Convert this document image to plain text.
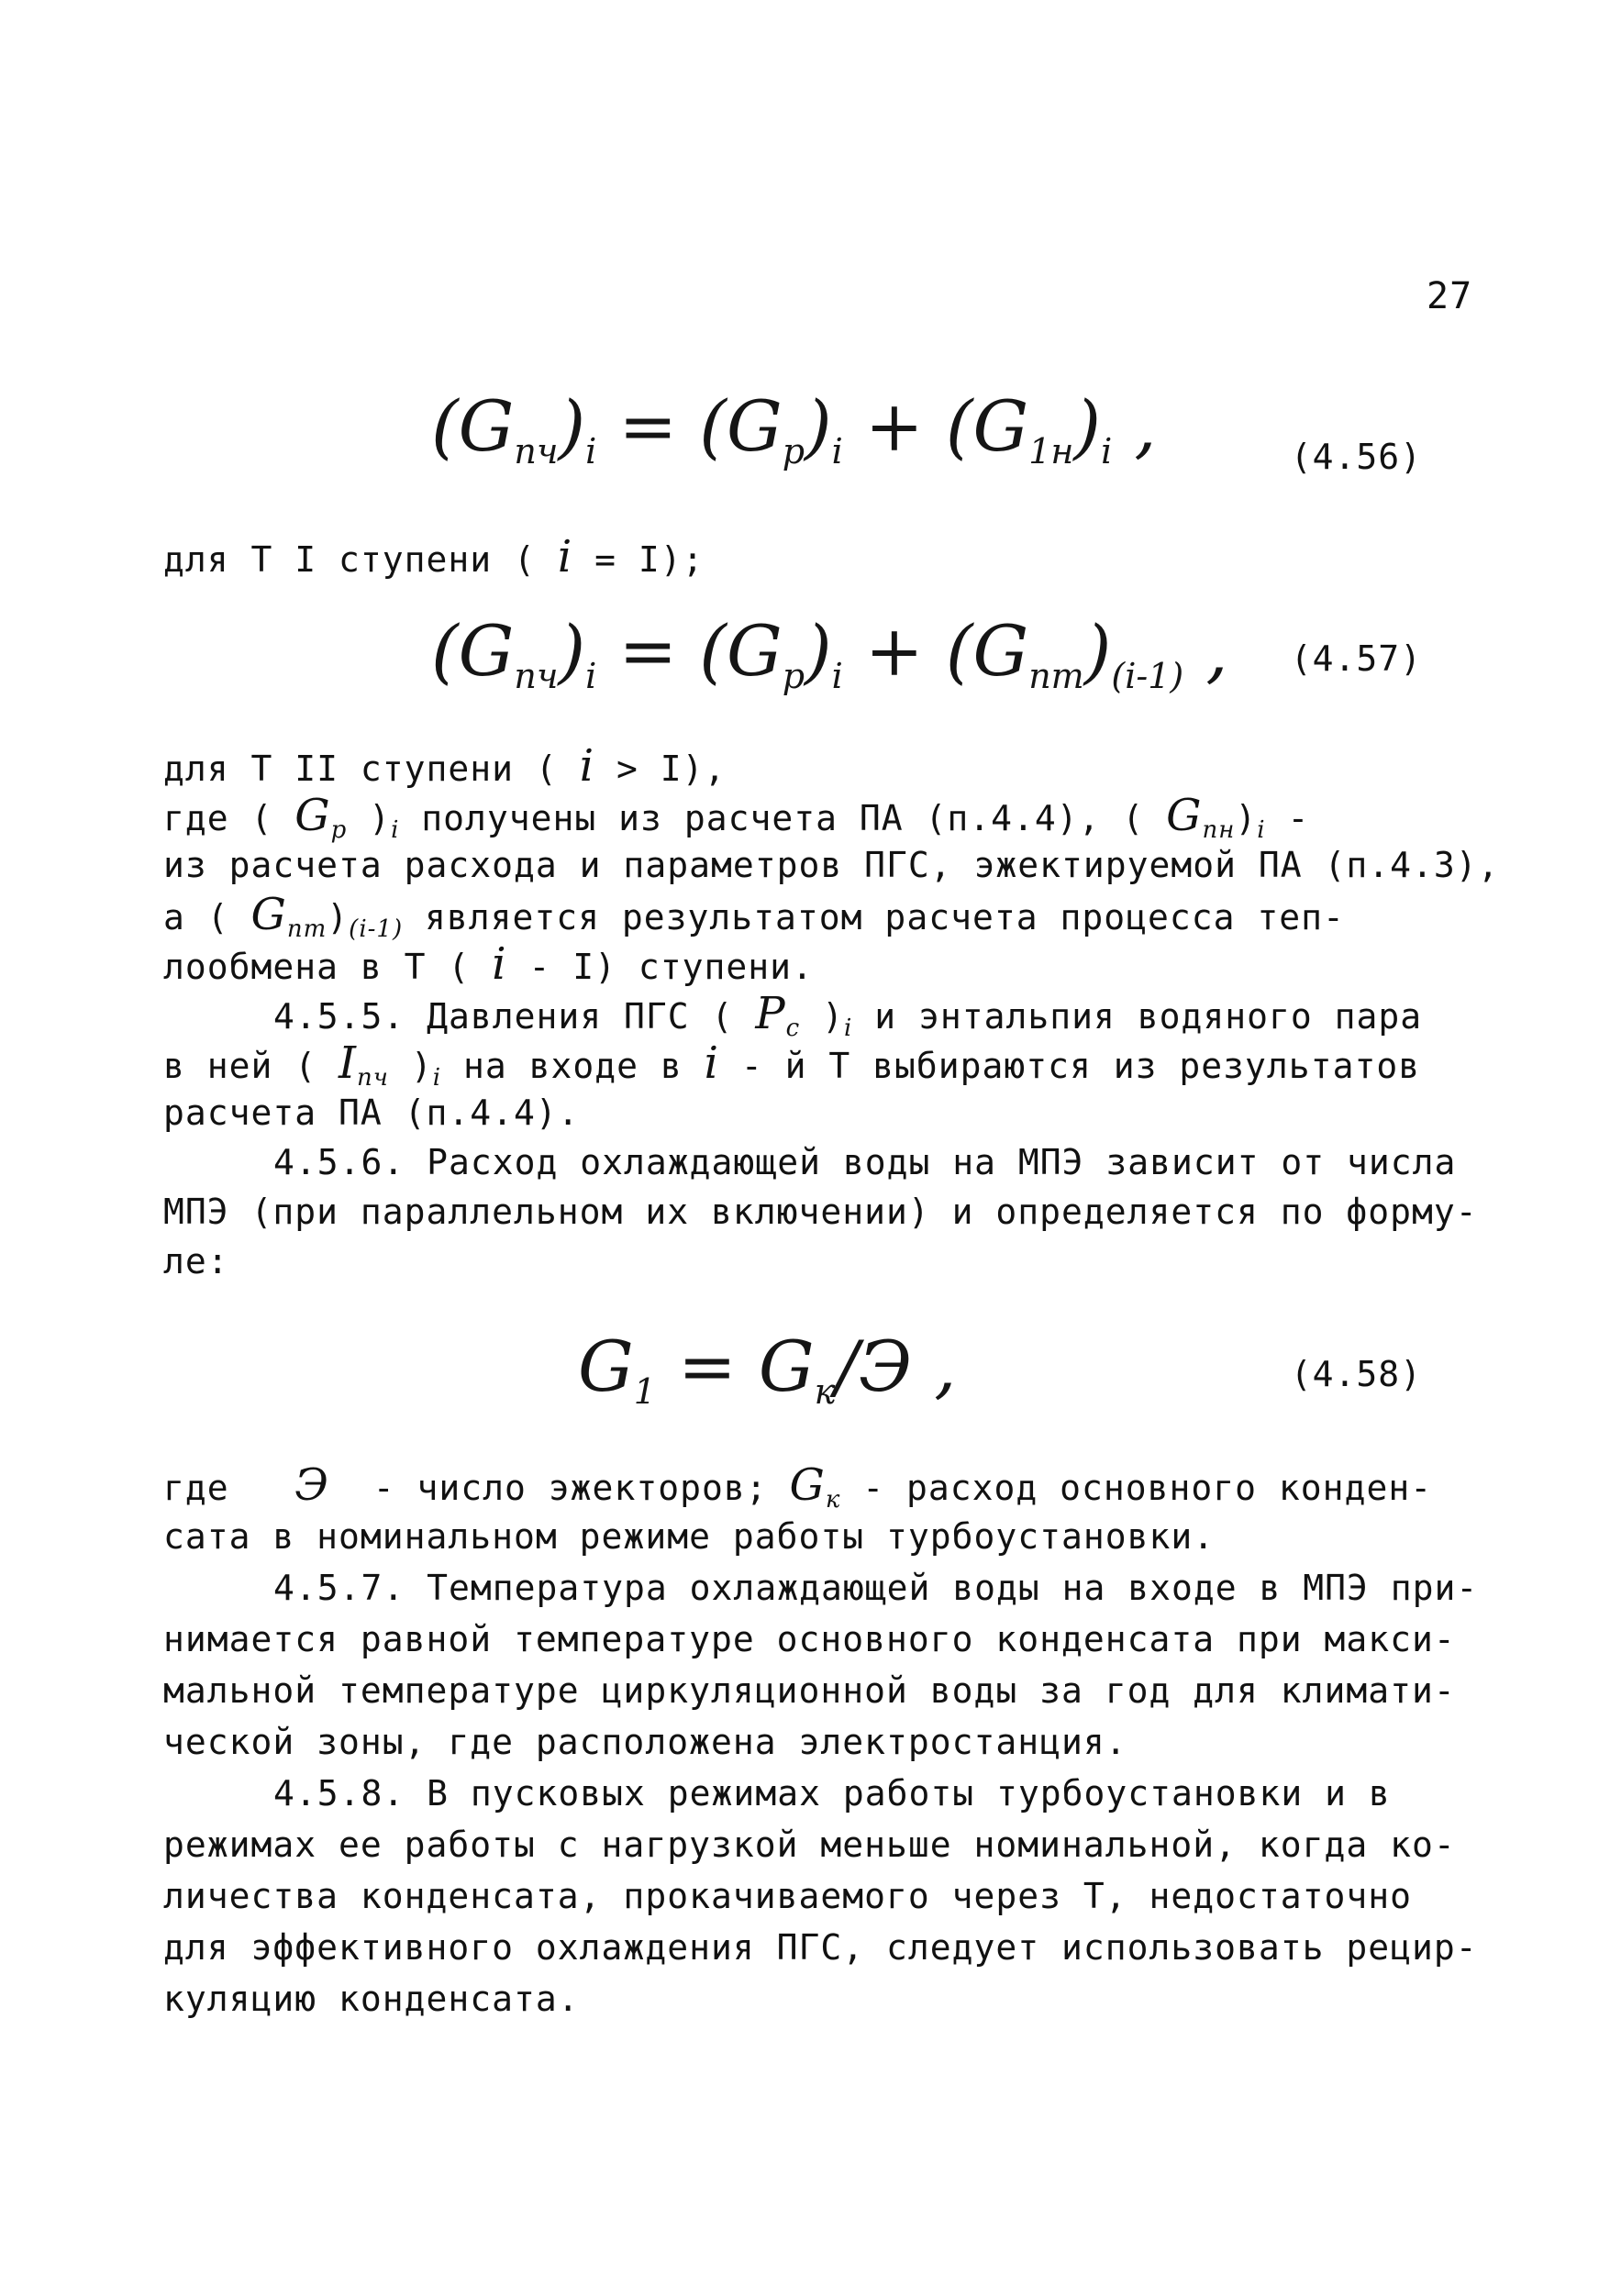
27
$(G_{пч})_i = (G_p)_i + (G_{1н})_i$ ,	(4.56)
для Т I ступени ( i = I);
$(G_{пч})_i = (G_p)_i + (G_{пт})_{(i-1)}$ , (4.57)
для Т II ступени ( i > I),
где ( $G_p$ )$_i$ получены из расчета ПА (п.4.4), ( $G_{пн})_i$ -
из расчета расхода и параметров ПГС, эжектируемой ПА (п.4.3),
а ( $G_{пт})_{(i-1)}$ является результатом расчета процесса теп-
лообмена в Т ( i - I) ступени.
4.5.5. Давления ПГС ( $P_c$ )$_i$ и энтальпия водяного пара
в ней ( $I_{пч}$ )$_i$ на входе в i - й Т выбираются из результатов
расчета ПА (п.4.4).
4.5.6. Расход охлаждающей воды на МПЭ зависит от числа
МПЭ (при параллельном их включении) и определяется по форму-
ле:
$G_1 = G_к/Э$ ,	(4.58)
где Э - число эжекторов; $G_к$ - расход основного конден-
сата в номинальном режиме работы турбоустановки.
4.5.7. Температура охлаждающей воды на входе в МПЭ при-
нимается равной температуре основного конденсата при макси-
мальной температуре циркуляционной воды за год для климати-
ческой зоны, где расположена электростанция.
4.5.8. В пусковых режимах работы турбоустановки и в
режимах ее работы с нагрузкой меньше номинальной, когда ко-
личества конденсата, прокачиваемого через Т, недостаточно
для эффективного охлаждения ПГС, следует использовать рецир-
куляцию конденсата.
